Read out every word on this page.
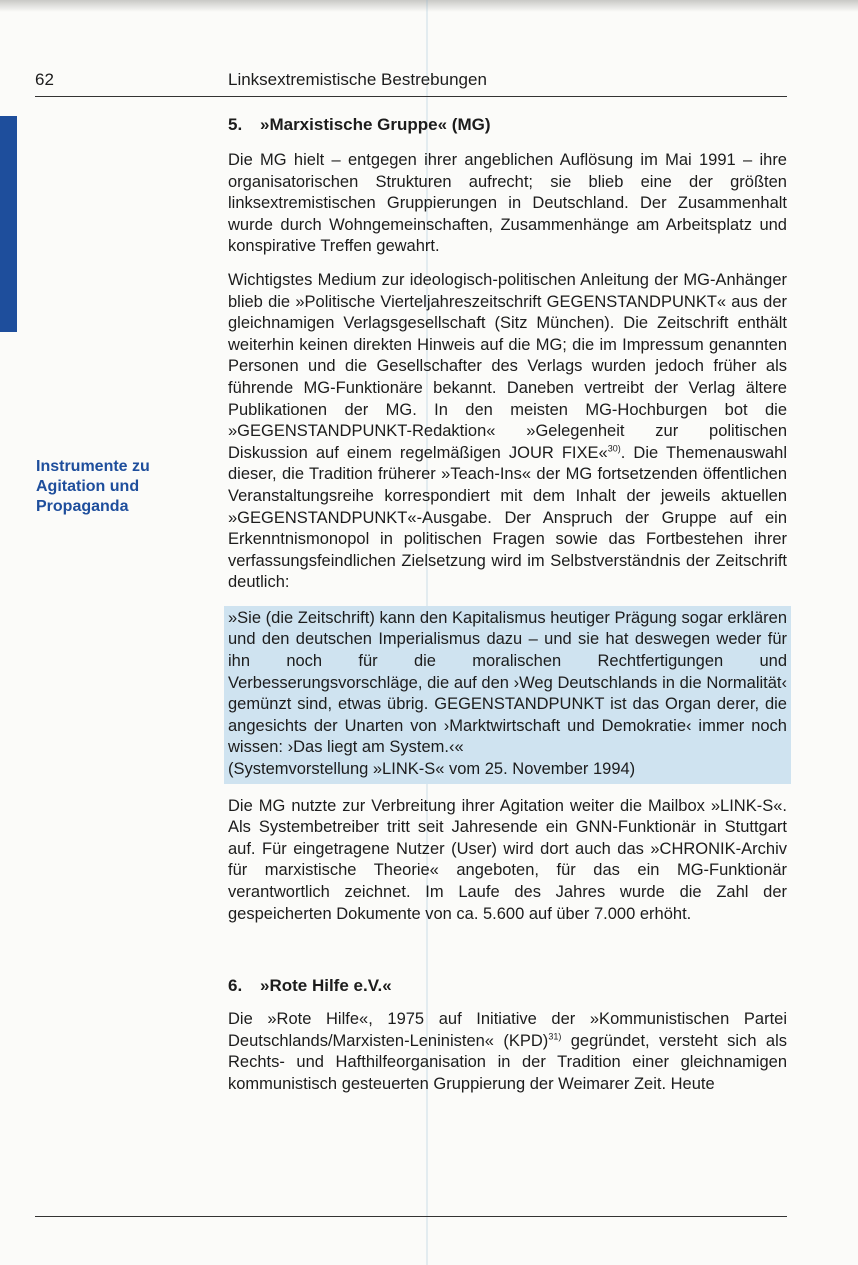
62	Linksextremistische Bestrebungen
Instrumente zu Agitation und Propaganda
5. »Marxistische Gruppe« (MG)

Die MG hielt – entgegen ihrer angeblichen Auflösung im Mai 1991 – ihre organisatorischen Strukturen aufrecht; sie blieb eine der größten linksextremistischen Gruppierungen in Deutschland. Der Zusammenhalt wurde durch Wohngemeinschaften, Zusammenhänge am Arbeitsplatz und konspirative Treffen gewahrt.

Wichtigstes Medium zur ideologisch-politischen Anleitung der MG-Anhänger blieb die »Politische Vierteljahreszeitschrift GEGENSTANDPUNKT« aus der gleichnamigen Verlagsgesellschaft (Sitz München). Die Zeitschrift enthält weiterhin keinen direkten Hinweis auf die MG; die im Impressum genannten Personen und die Gesellschafter des Verlags wurden jedoch früher als führende MG-Funktionäre bekannt. Daneben vertreibt der Verlag ältere Publikationen der MG. In den meisten MG-Hochburgen bot die »GEGENSTANDPUNKT-Redaktion« »Gelegenheit zur politischen Diskussion auf einem regelmäßigen JOUR FIXE«$^{30)}$. Die Themenauswahl dieser, die Tradition früherer »Teach-Ins« der MG fortsetzenden öffentlichen Veranstaltungsreihe korrespondiert mit dem Inhalt der jeweils aktuellen »GEGENSTANDPUNKT«-Ausgabe. Der Anspruch der Gruppe auf ein Erkenntnismonopol in politischen Fragen sowie das Fortbestehen ihrer verfassungsfeindlichen Zielsetzung wird im Selbstverständnis der Zeitschrift deutlich:

»Sie (die Zeitschrift) kann den Kapitalismus heutiger Prägung sogar erklären und den deutschen Imperialismus dazu – und sie hat deswegen weder für ihn noch für die moralischen Rechtfertigungen und Verbesserungsvorschläge, die auf den ›Weg Deutschlands in die Normalität‹ gemünzt sind, etwas übrig. GEGENSTANDPUNKT ist das Organ derer, die angesichts der Unarten von ›Marktwirtschaft und Demokratie‹ immer noch wissen: ›Das liegt am System.‹«
(Systemvorstellung »LINK-S« vom 25. November 1994)

Die MG nutzte zur Verbreitung ihrer Agitation weiter die Mailbox »LINK-S«. Als Systembetreiber tritt seit Jahresende ein GNN-Funktionär in Stuttgart auf. Für eingetragene Nutzer (User) wird dort auch das »CHRONIK-Archiv für marxistische Theorie« angeboten, für das ein MG-Funktionär verantwortlich zeichnet. Im Laufe des Jahres wurde die Zahl der gespeicherten Dokumente von ca. 5.600 auf über 7.000 erhöht.

6. »Rote Hilfe e.V.«

Die »Rote Hilfe«, 1975 auf Initiative der »Kommunistischen Partei Deutschlands/Marxisten-Leninisten« (KPD)$^{31)}$ gegründet, versteht sich als Rechts- und Hafthilfeorganisation in der Tradition einer gleichnamigen kommunistisch gesteuerten Gruppierung der Weimarer Zeit. Heute
